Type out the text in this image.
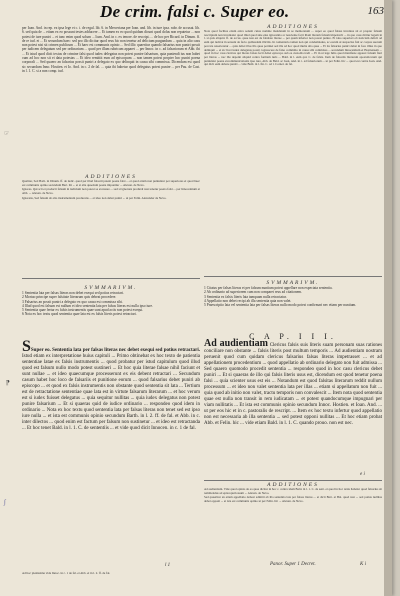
De crim. falsi c. Super eo.	163
ADDITIONES
Nota quod facilius etiam extra sedem cuius nomine mandatum in se memoratum ... super eo quod falsus inventus sit et propter falsum rescriptum non inveniatur quod illud quod sine eius ignorantia ac nesciente facti illam literam falsam impetravit ... in quo casu dicitur legem in l. si quis aliquid. ff. de accus. quae non est de falsitate literae ... per quam inferior non potest punire. Et ideo superiori ob noticiam delicti ad eum qui iudicat in seruant de facto quibusdam illicitis. In comentario tamen non qui condemnatus, ac eorum ut suspectus fuit ac corpus suorum peccata reuerteretur ... quia debet illos illa quae pertinet sed ille ad hoc quod multa alia quae ... Et ita falsarius puniri debet in foro illius in quo delinquit ... et sic licet iudex delegatus possit cognoscere de falso committo in causa sibi commissa ... secundum Innocentium et Hostiensem ... quod in hoc casu clericus qui literas falsas fecit debet episcopo sub ea custodia tradi ... Et in ut lege Iulia quod manifeste apparet falsum fieri per literas ... nec ille deponit aliquid contra formam iuris ... Bald. in l. eum qui. C. de falsis. Item de falsariis literarum apostolicarum qui puniuntur poena excommunicationis ipso iure. Abb. de Bald. ac Ioan. And. in c. ad falsariorum ... ut per Felin. hic ... quod est contra Ioan. And. qui dicit eum debere puniri ... vide Bald. in l. fin. C. ad l. Cornel. de fal.
per Ioan. And. in rep. ex ipsa lege et c. i. de regul. lib. 6. in Merceriana per Ioan. and. lib. in iure ipsa. rubr. de accusat. lib. 6. sed quia de ... etiam ex eo possunt testes adducere ... Et tamen ex eo quod quidam dicunt quod dolus non reputetur ... non potest de iure puniri ... et tunc enim quod solum ... Ioan. And. in c. ex tenore. de rescript. ... de hoc per Ricard. in Dinum. ff. de re iud. et ... Et secundum haec: sed pro illo dicitur quod reus hic non tenetur ad delictum purgandum ... quia in alio casu non potest nisi sit crimen publicum ... Et haec est communis opinio ... Sed illic quaeritur quando falsarius non puniri possit per iudicem delegatum sed per ordinarium ... quod per illam rubricam apparet ... per Innoc. in c. ad falsariorum et Abb. ibi ... Et istud quod dicit textus de crimine falsi quod iudex delegatus non potest punire falsarium, quia puniendi ius non habet cum ad hoc non sit ei data potestas ... Et ideo remittit eum ad episcopum ... non tamen potest propter hoc puniri poena corporali ... Sed quaero an falsarius possit puniri a delegato ex quo delinquit in causa sibi commissa. Dicendum est quod sic secundum Inno. Hostien. et Io. And. in c. 2 de fal. ... quia ibi habetur quod delegatus potest punire ... per Pau. de Cast. in l. 1. C. si a non comp. iud.
ADDITIONES
Qualiter, Sed Barb. in Dinum. ff. de iudic. quod per illud falsarii patent poena falsi ... et quod etiam non puniuntur per superiores et quod haec est communis opinio secundum Bart. ibi ... et si alia quaedam poena imponitur ... Alexan. de Nevo.
Ignoras. Qui scit et producit falsum in iudicium non potest se excusare ... sed si ignorans produxit non tenetur poena falsi ... per Innocentium et Abb. ... Alexan. de Nevo.
Ignorans, Sed falsum ab alio instrumentum producens ... et ideo non debet puniri ... ut per Felin. Alexander de Nevo.
SVMMARIVM.
1 Sententia lata per falsas literas non debet exequi sed potius retractari.
2 Mortuo principe super falsitate literarum quis debeat procedere.
3 Falsarius an possit puniri a delegato ex quo causa est commissa sibi.
4 Illud quod est falsum est nullum et ideo sententia lata per falsas literas est nulla ipso iure.
5 Sententia quae fertur ex falsis instrumentis quae sunt apud actis non potest exequi.
6 Nota ex hoc textu quod sententia quae lata est ex falsis literis potest retractari.
SSuper eo. Sententia lata per falsas literas nec debet exequi sed potius retractari. Istud etiam ex interpretatione huius capituli ... Primo obtinebat ex hoc texto de patientia sententiae latae ex falsis instrumentis ... quod probatur per istud capitulum quod illud quod est falsum nullo modo potest sustineri ... Et hoc quia literae falsae nihil faciunt et sunt nullae ... et ideo quaecumque processerunt ex eis debent retractari ... Secundum casum habet hoc loco de falsariis et punitione eorum ... quod falsarius debet puniri ab episcopo ... et quod ex falsis instrumentis non obstante quod sententia sit lata ... Tertium est de retractatione sententiae quae lata est in virtute falsarum literarum ... et hoc verum est si iudex fuisset delegatus ... quia sequitur nullitas ... quia iudex delegatus non potest punire falsarium ... Et si quaeras quid de iudice ordinario ... respondeo quod idem in ordinario ... Nota ex hoc textu quod sententia lata per falsas literas non tenet sed est ipso iure nulla ... et ista est communis opinio secundum Barth. in l. 2. ff. de fal. et Abb. in c. inter dilectos ... quod enim est factum per falsum non sustinetur ... et ideo est retractanda ... Et hoc tenet Bald. in l. 1. C. de sententiis ... et vide quod dicit Innocen. in c. 1 de fal.
l 1
Ad hoc plenissime vide Innoc. in c. 1 de fal. et Abb. et in l. 2. ff. de fal.
SVMMARIVM.
1 Citatus per falsas literas et per falsum nuntium potest appellare non expectata sententia.
2 Ab ordinario ad superiorem cum non comparet reus ad citationem.
3 Sententia ex falsis literis lata tamquam nulla retractatur.
4 Appellatio non debet recipi ab illa sententia quia non valet.
5 Praescriptio lata vel sententia lata per falsas literas nullo modo potest confirmari nec etiam per nuntium.
C A P. I I I.
Ad audientiam Clericus falsis suis literis suam personam suas rationes conciliare non obstante ... falsis literis post multum temporis ... Ad audientiam nostram peruenit quod cum quidam clericus falsarius falsas literas impetrasset ... et ad appellationem procedentium ... quod appellatio ab ordinario delegato non fuit admissa ... Sed quaero quomodo procedit sententia ... respondeo quod in hoc casu clericus debet puniri ... Et si quaeras de illo qui falsis literis usus est, dicendum est quod tenetur poena falsi ... quia scienter usus est eis ... Notandum est quod falsitas literarum reddit nullum processum ... et ideo non valet sententia lata per illas ... etiam si appellatum non fuit ... quia quod ab initio non valet, tractu temporis non convalescit ... Item nota quod sententia quae est nulla non transit in rem iudicatam ... et potest quandocumque impugnari per viam nullitatis ... Et ista est communis opinio secundum Innoc. Hostien. et Ioan. And. ... ut per eos hic et in c. pastoralis de rescript. ... Item ex hoc textu infertur quod appellatio non est necessaria ab illa sententia ... sed potest opponi nullitas ... Et hoc etiam probat Abb. et Felin. hic ... vide etiam Bald. in l. 1. C. quando prouo. non est nec.
e i
ADDITIONES
Ad audientiam. Vide quod opinio de ea quae dicitur in hoc c. contra idem Bald. in l. 1. C. de sent. et quod in hoc textu habetur quod falsarius sit remittendus ad episcopum suum ... Alexan. de Nevo.
Sed quaeritur an etiam appellatio debeat admitti ab illa sententia lata per falsas literas ... et dicit Bart. et Bal. quod non ... sed potius nullitas debet opponi ... et ista est communis opinio ut per Felin. hic ... Alexan. de Nevo.
Panor. Super 1 Decret.	K i
☞
⁋
∫
